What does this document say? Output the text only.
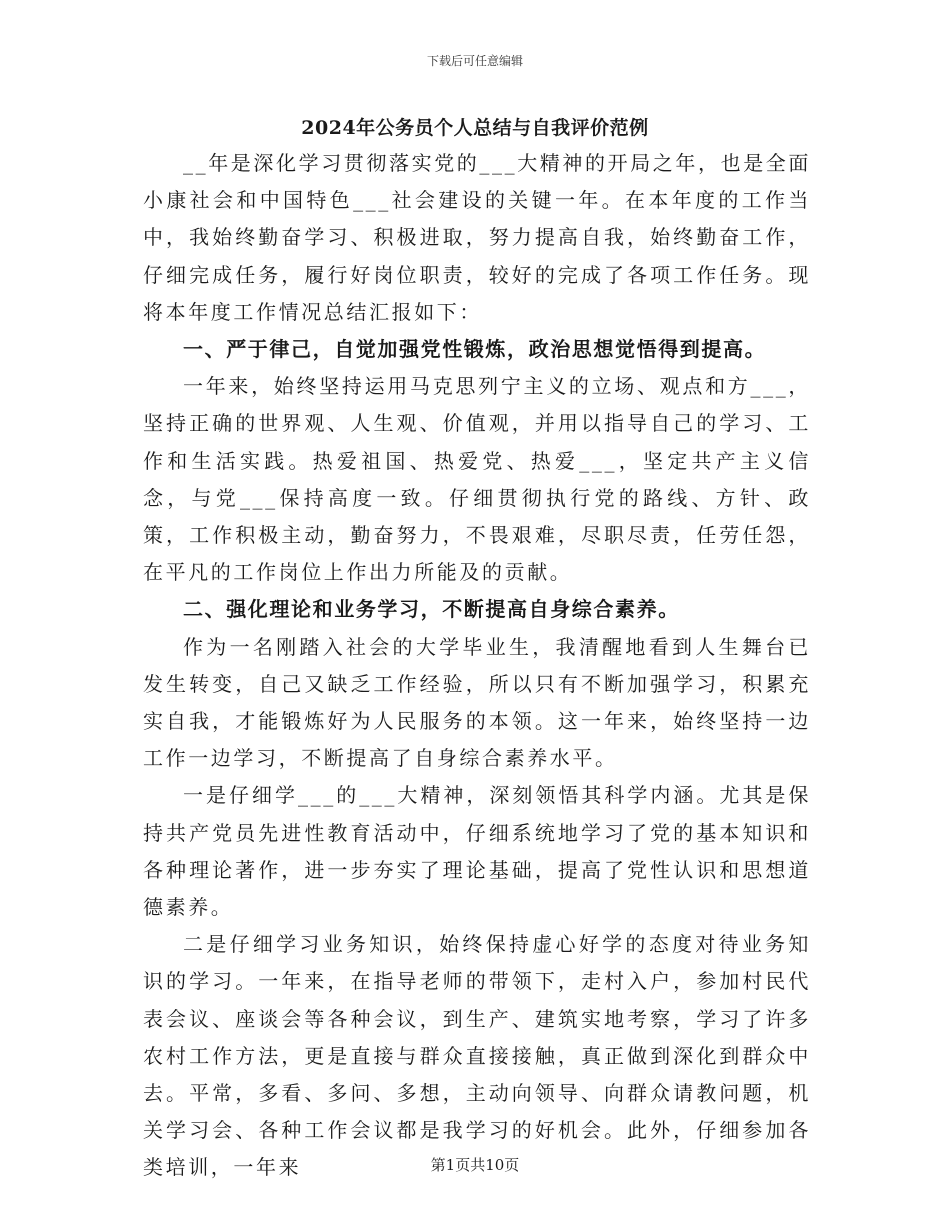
下载后可任意编辑
2024年公务员个人总结与自我评价范例

__年是深化学习贯彻落实党的___大精神的开局之年，也是全面小康社会和中国特色___社会建设的关键一年。在本年度的工作当中，我始终勤奋学习、积极进取，努力提高自我，始终勤奋工作，仔细完成任务，履行好岗位职责，较好的完成了各项工作任务。现将本年度工作情况总结汇报如下：

一、严于律己，自觉加强党性锻炼，政治思想觉悟得到提高。

一年来，始终坚持运用马克思列宁主义的立场、观点和方___，坚持正确的世界观、人生观、价值观，并用以指导自己的学习、工作和生活实践。热爱祖国、热爱党、热爱___，坚定共产主义信念，与党___保持高度一致。仔细贯彻执行党的路线、方针、政策，工作积极主动，勤奋努力，不畏艰难，尽职尽责，任劳任怨，在平凡的工作岗位上作出力所能及的贡献。

二、强化理论和业务学习，不断提高自身综合素养。

作为一名刚踏入社会的大学毕业生，我清醒地看到人生舞台已发生转变，自己又缺乏工作经验，所以只有不断加强学习，积累充实自我，才能锻炼好为人民服务的本领。这一年来，始终坚持一边工作一边学习，不断提高了自身综合素养水平。

一是仔细学___的___大精神，深刻领悟其科学内涵。尤其是保持共产党员先进性教育活动中，仔细系统地学习了党的基本知识和各种理论著作，进一步夯实了理论基础，提高了党性认识和思想道德素养。

二是仔细学习业务知识，始终保持虚心好学的态度对待业务知识的学习。一年来，在指导老师的带领下，走村入户，参加村民代表会议、座谈会等各种会议，到生产、建筑实地考察，学习了许多农村工作方法，更是直接与群众直接接触，真正做到深化到群众中去。平常，多看、多问、多想，主动向领导、向群众请教问题，机关学习会、各种工作会议都是我学习的好机会。此外，仔细参加各类培训，一年来	第1页共10页
